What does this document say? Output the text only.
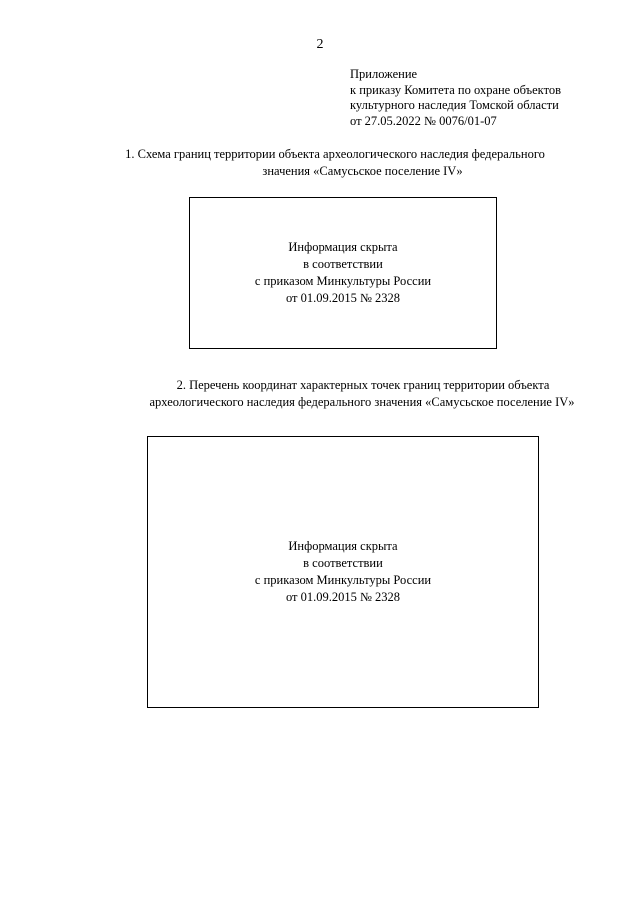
2
Приложение
к приказу Комитета по охране объектов
культурного наследия Томской области
от 27.05.2022 № 0076/01-07
1. Схема границ территории объекта археологического наследия федерального
значения «Самусьское поселение IV»
Информация скрыта
в соответствии
с приказом Минкультуры России
от 01.09.2015 № 2328
2. Перечень координат характерных точек границ территории объекта
археологического наследия федерального значения «Самусьское поселение IV»
Информация скрыта
в соответствии
с приказом Минкультуры России
от 01.09.2015 № 2328
